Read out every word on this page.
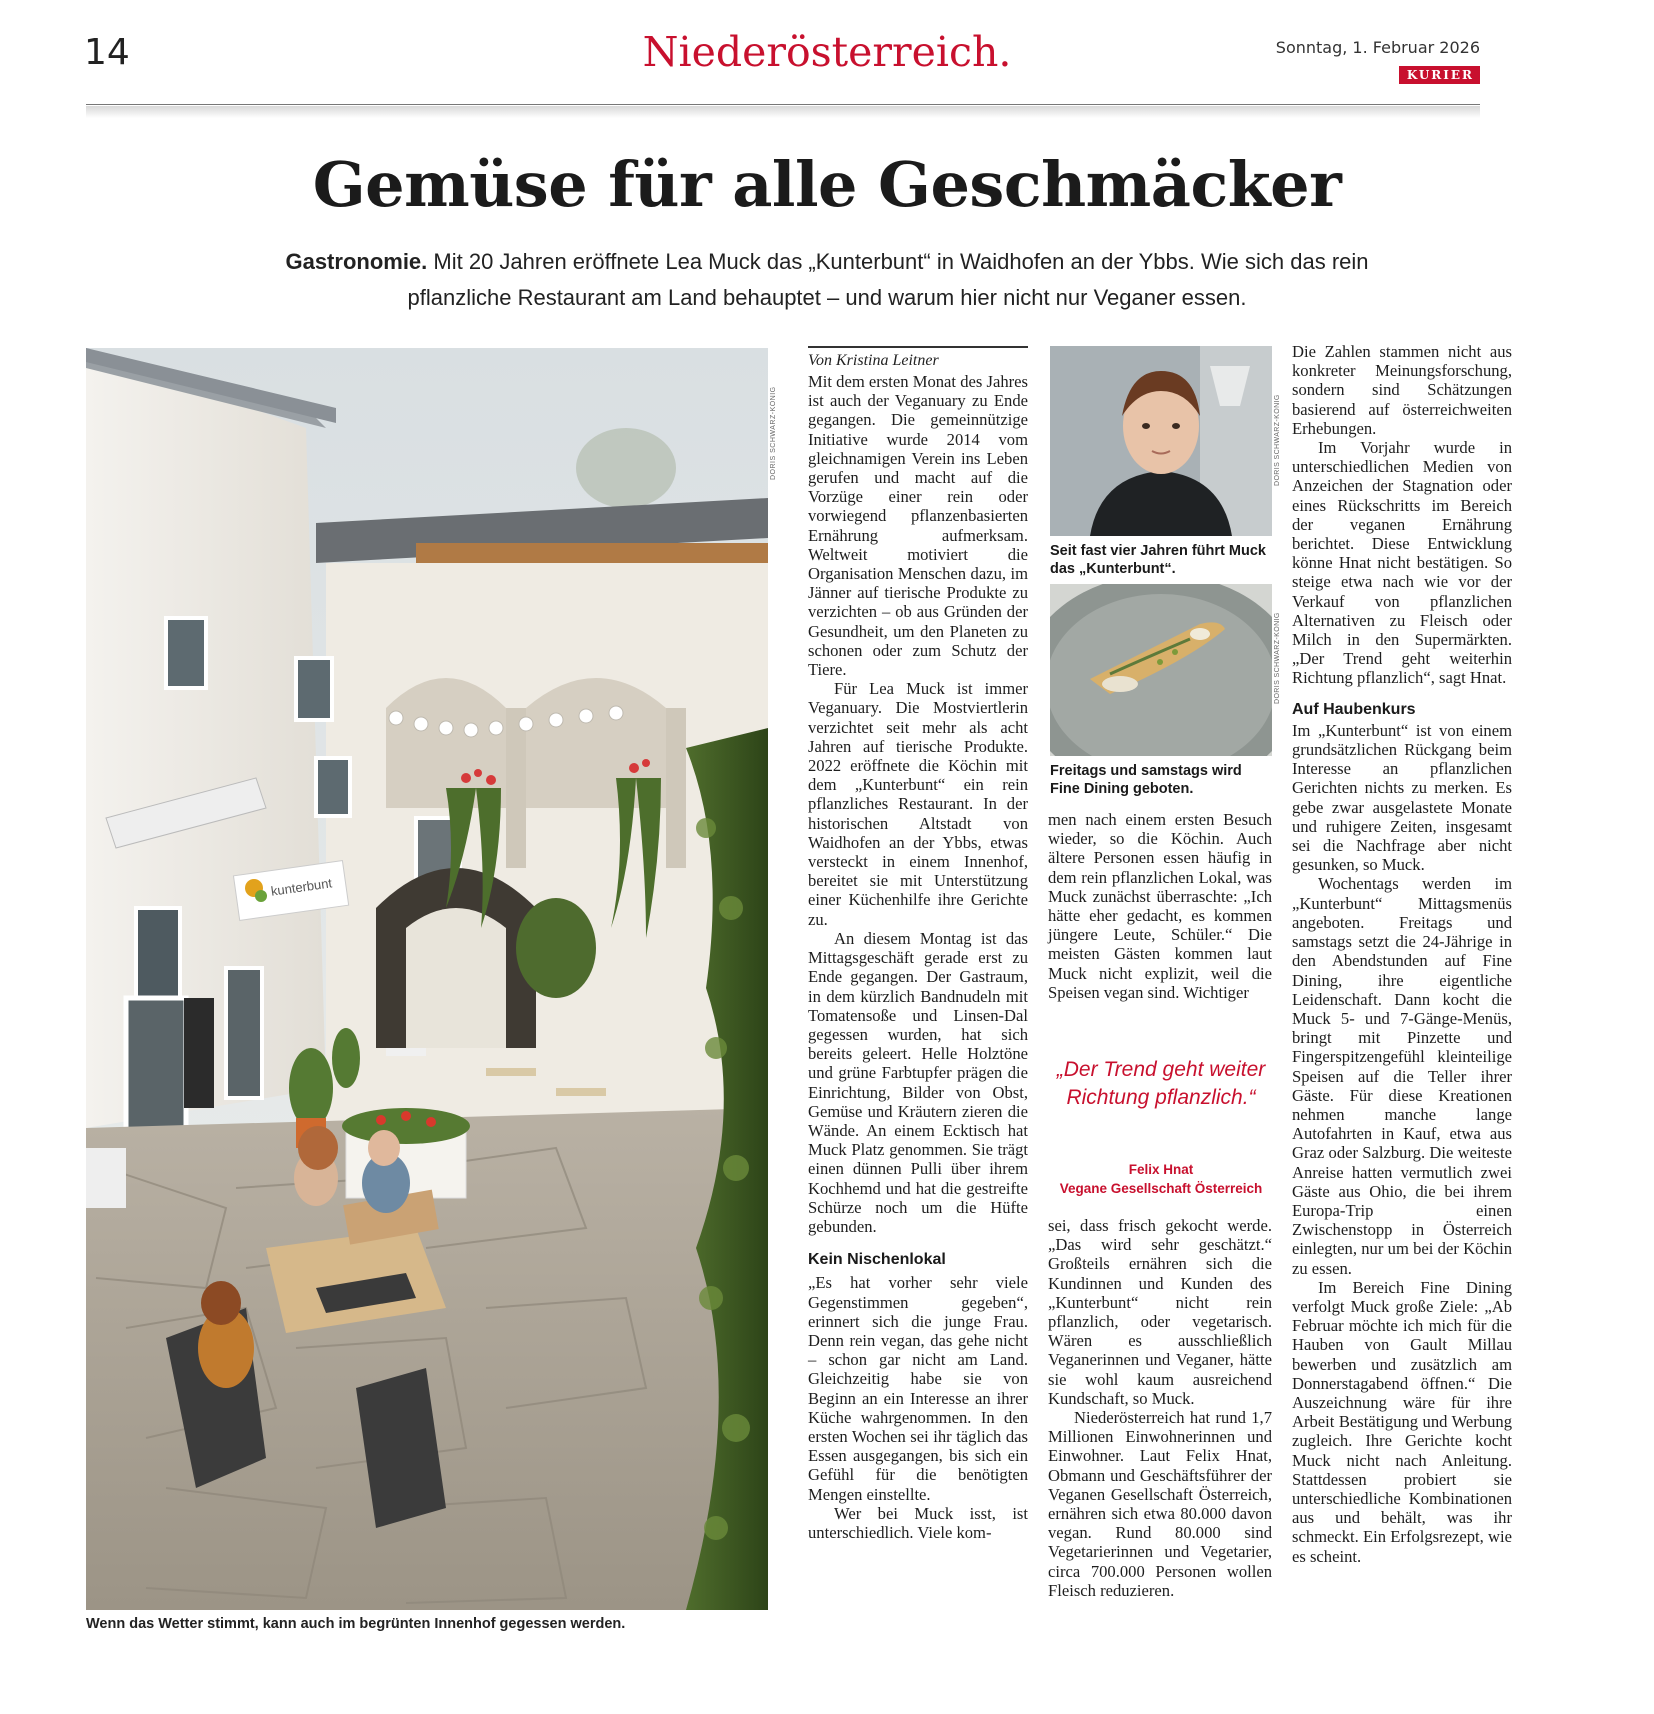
14	Niederösterreich.	Sonntag, 1. Februar 2026
KURIER
Gemüse für alle Geschmäcker
Gastronomie. Mit 20 Jahren eröffnete Lea Muck das „Kunterbunt“ in Waidhofen an der Ybbs. Wie sich das rein
pflanzliche Restaurant am Land behauptet – und warum hier nicht nur Veganer essen.
kunterbunt
DORIS SCHWARZ-KÖNIG
Wenn das Wetter stimmt, kann auch im begrünten Innenhof gegessen werden.
Von Kristina Leitner

Mit dem ersten Monat des Jahres ist auch der Veganuary zu Ende gegangen. Die gemeinnützige Initiative wurde 2014 vom gleichnamigen Verein ins Leben gerufen und macht auf die Vorzüge einer rein oder vorwiegend pflanzenbasierten Ernährung aufmerksam. Weltweit motiviert die Organisation Menschen dazu, im Jänner auf tierische Produkte zu verzichten – ob aus Gründen der Gesundheit, um den Planeten zu schonen oder zum Schutz der Tiere.

Für Lea Muck ist immer Veganuary. Die Mostviertlerin verzichtet seit mehr als acht Jahren auf tierische Produkte. 2022 eröffnete die Köchin mit dem „Kunterbunt“ ein rein pflanzliches Restaurant. In der historischen Altstadt von Waidhofen an der Ybbs, etwas versteckt in einem Innenhof, bereitet sie mit Unterstützung einer Küchenhilfe ihre Gerichte zu.

An diesem Montag ist das Mittagsgeschäft gerade erst zu Ende gegangen. Der Gastraum, in dem kürzlich Bandnudeln mit Tomatensoße und Linsen-Dal gegessen wurden, hat sich bereits geleert. Helle Holztöne und grüne Farbtupfer prägen die Einrichtung, Bilder von Obst, Gemüse und Kräutern zieren die Wände. An einem Ecktisch hat Muck Platz genommen. Sie trägt einen dünnen Pulli über ihrem Kochhemd und hat die gestreifte Schürze noch um die Hüfte gebunden.

Kein Nischenlokal

„Es hat vorher sehr viele Gegenstimmen gegeben“, erinnert sich die junge Frau. Denn rein vegan, das gehe nicht – schon gar nicht am Land. Gleichzeitig habe sie von Beginn an ein Interesse an ihrer Küche wahrgenommen. In den ersten Wochen sei ihr täglich das Essen ausgegangen, bis sich ein Gefühl für die benötigten Mengen einstellte.

Wer bei Muck isst, ist unterschiedlich. Viele kom-

DORIS SCHWARZ-KÖNIG
Seit fast vier Jahren führt Muck das „Kunterbunt“.
DORIS SCHWARZ-KÖNIG
Freitags und samstags wird Fine Dining geboten.

men nach einem ersten Besuch wieder, so die Köchin. Auch ältere Personen essen häufig in dem rein pflanzlichen Lokal, was Muck zunächst überraschte: „Ich hätte eher gedacht, es kommen jüngere Leute, Schüler.“ Die meisten Gästen kommen laut Muck nicht explizit, weil die Speisen vegan sind. Wichtiger

„Der Trend geht weiter Richtung pflanzlich.“
Felix Hnat
Vegane Gesellschaft Österreich

sei, dass frisch gekocht werde. „Das wird sehr geschätzt.“ Großteils ernähren sich die Kundinnen und Kunden des „Kunterbunt“ nicht rein pflanzlich, oder vegetarisch. Wären es ausschließlich Veganerinnen und Veganer, hätte sie wohl kaum ausreichend Kundschaft, so Muck.

Niederösterreich hat rund 1,7 Millionen Einwohnerinnen und Einwohner. Laut Felix Hnat, Obmann und Geschäftsführer der Veganen Gesellschaft Österreich, ernähren sich etwa 80.000 davon vegan. Rund 80.000 sind Vegetarierinnen und Vegetarier, circa 700.000 Personen wollen Fleisch reduzieren.

Die Zahlen stammen nicht aus konkreter Meinungsforschung, sondern sind Schätzungen basierend auf österreichweiten Erhebungen.

Im Vorjahr wurde in unterschiedlichen Medien von Anzeichen der Stagnation oder eines Rückschritts im Bereich der veganen Ernährung berichtet. Diese Entwicklung könne Hnat nicht bestätigen. So steige etwa nach wie vor der Verkauf von pflanzlichen Alternativen zu Fleisch oder Milch in den Supermärkten. „Der Trend geht weiterhin Richtung pflanzlich“, sagt Hnat.

Auf Haubenkurs

Im „Kunterbunt“ ist von einem grundsätzlichen Rückgang beim Interesse an pflanzlichen Gerichten nichts zu merken. Es gebe zwar ausgelastete Monate und ruhigere Zeiten, insgesamt sei die Nachfrage aber nicht gesunken, so Muck.

Wochentags werden im „Kunterbunt“ Mittagsmenüs angeboten. Freitags und samstags setzt die 24-Jährige in den Abendstunden auf Fine Dining, ihre eigentliche Leidenschaft. Dann kocht die Muck 5- und 7-Gänge-Menüs, bringt mit Pinzette und Fingerspitzengefühl kleinteilige Speisen auf die Teller ihrer Gäste. Für diese Kreationen nehmen manche lange Autofahrten in Kauf, etwa aus Graz oder Salzburg. Die weiteste Anreise hatten vermutlich zwei Gäste aus Ohio, die bei ihrem Europa-Trip einen Zwischenstopp in Österreich einlegten, nur um bei der Köchin zu essen.

Im Bereich Fine Dining verfolgt Muck große Ziele: „Ab Februar möchte ich mich für die Hauben von Gault Millau bewerben und zusätzlich am Donnerstagabend öffnen.“ Die Auszeichnung wäre für ihre Arbeit Bestätigung und Werbung zugleich. Ihre Gerichte kocht Muck nicht nach Anleitung. Stattdessen probiert sie unterschiedliche Kombinationen aus und behält, was ihr schmeckt. Ein Erfolgsrezept, wie es scheint.
